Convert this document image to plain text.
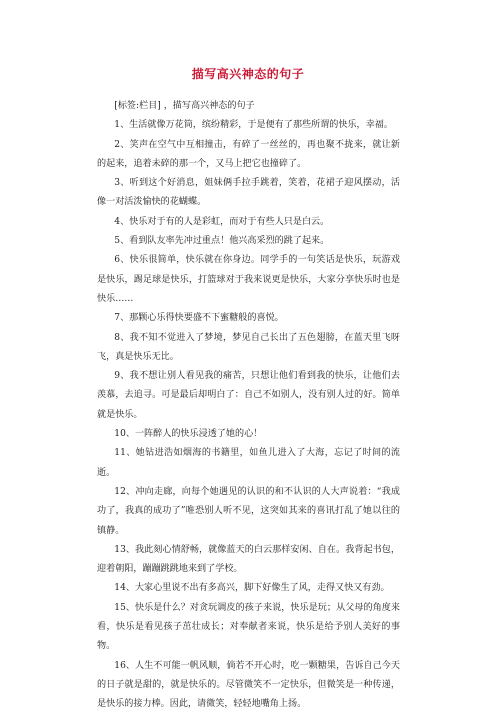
描写高兴神态的句子

[标签:栏目] ，描写高兴神态的句子

1、生活就像万花筒，缤纷精彩，于是便有了那些所谓的快乐，幸福。

2、笑声在空气中互相撞击，有碎了一丝丝的，再也聚不拢来，就让新的起来，追着未碎的那一个，又马上把它也撞碎了。

3、听到这个好消息，姐妹俩手拉手跳着，笑着，花裙子迎风摆动，活像一对活泼愉快的花蝴蝶。

4、快乐对于有的人是彩虹，而对于有些人只是白云。

5、看到队友率先冲过重点！他兴高采烈的跳了起来。

6、快乐很简单，快乐就在你身边。同学手的一句笑话是快乐，玩游戏是快乐，踢足球是快乐，打篮球对于我来说更是快乐，大家分享快乐时也是快乐……

7、那颗心乐得快要盛不下蜜糖般的喜悦。

8、我不知不觉进入了梦境，梦见自己长出了五色翅膀，在蓝天里飞呀飞，真是快乐无比。

9、我不想让别人看见我的痛苦，只想让他们看到我的快乐，让他们去羡慕，去追寻。可是最后却明白了：自己不如别人，没有别人过的好。简单就是快乐。

10、一阵醉人的快乐浸透了她的心！

11、她钻进浩如烟海的书籍里，如鱼儿进入了大海，忘记了时间的流逝。

12、冲向走廊，向每个她遇见的认识的和不认识的人大声说着：“我成功了，我真的成功了”唯恐别人听不见，这突如其来的喜讯打乱了她以往的镇静。

13、我此刻心情舒畅，就像蓝天的白云那样安闲、自在。我背起书包，迎着朝阳，蹦蹦跳跳地来到了学校。

14、大家心里说不出有多高兴，脚下好像生了风，走得又快又有劲。

15、快乐是什么？对贪玩调皮的孩子来说，快乐是玩；从父母的角度来看，快乐是看见孩子茁壮成长；对奉献者来说，快乐是给予别人美好的事物。

16、人生不可能一帆风顺，倘若不开心时，吃一颗糖果，告诉自己今天的日子就是甜的，就是快乐的。尽管微笑不一定快乐，但微笑是一种传递，是快乐的接力棒。因此，请微笑，轻轻地嘴角上扬。
